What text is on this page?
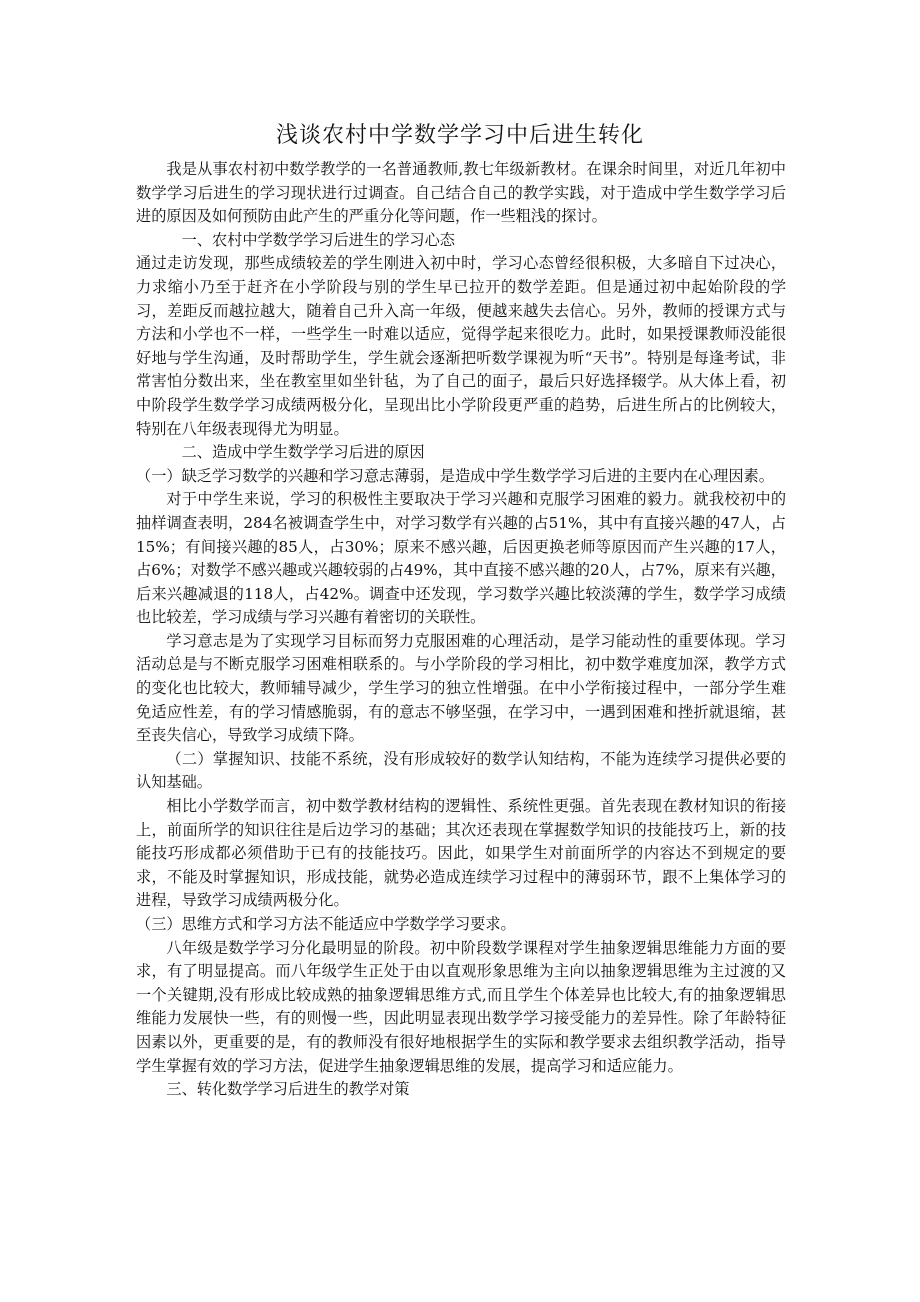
浅谈农村中学数学学习中后进生转化

我是从事农村初中数学教学的一名普通教师,教七年级新教材。在课余时间里，对近几年初中数学学习后进生的学习现状进行过调查。自己结合自己的教学实践，对于造成中学生数学学习后进的原因及如何预防由此产生的严重分化等问题，作一些粗浅的探讨。

一、农村中学数学学习后进生的学习心态

通过走访发现，那些成绩较差的学生刚进入初中时，学习心态曾经很积极，大多暗自下过决心，力求缩小乃至于赶齐在小学阶段与别的学生早已拉开的数学差距。但是通过初中起始阶段的学习，差距反而越拉越大，随着自己升入高一年级，便越来越失去信心。另外，教师的授课方式与方法和小学也不一样，一些学生一时难以适应，觉得学起来很吃力。此时，如果授课教师没能很好地与学生沟通，及时帮助学生，学生就会逐渐把听数学课视为听“天书”。特别是每逢考试，非常害怕分数出来，坐在教室里如坐针毡，为了自己的面子，最后只好选择辍学。从大体上看，初中阶段学生数学学习成绩两极分化，呈现出比小学阶段更严重的趋势，后进生所占的比例较大，特别在八年级表现得尤为明显。

二、造成中学生数学学习后进的原因

（一）缺乏学习数学的兴趣和学习意志薄弱，是造成中学生数学学习后进的主要内在心理因素。

对于中学生来说，学习的积极性主要取决于学习兴趣和克服学习困难的毅力。就我校初中的抽样调查表明，284名被调查学生中，对学习数学有兴趣的占51%，其中有直接兴趣的47人，占15%；有间接兴趣的85人，占30%；原来不感兴趣，后因更换老师等原因而产生兴趣的17人，占6%；对数学不感兴趣或兴趣较弱的占49%，其中直接不感兴趣的20人，占7%，原来有兴趣，后来兴趣减退的118人，占42%。调查中还发现，学习数学兴趣比较淡薄的学生，数学学习成绩也比较差，学习成绩与学习兴趣有着密切的关联性。

学习意志是为了实现学习目标而努力克服困难的心理活动，是学习能动性的重要体现。学习活动总是与不断克服学习困难相联系的。与小学阶段的学习相比，初中数学难度加深，教学方式的变化也比较大，教师辅导减少，学生学习的独立性增强。在中小学衔接过程中，一部分学生难免适应性差，有的学习情感脆弱，有的意志不够坚强，在学习中，一遇到困难和挫折就退缩，甚至丧失信心，导致学习成绩下降。

（二）掌握知识、技能不系统，没有形成较好的数学认知结构，不能为连续学习提供必要的认知基础。

相比小学数学而言，初中数学教材结构的逻辑性、系统性更强。首先表现在教材知识的衔接上，前面所学的知识往往是后边学习的基础；其次还表现在掌握数学知识的技能技巧上，新的技能技巧形成都必须借助于已有的技能技巧。因此，如果学生对前面所学的内容达不到规定的要求，不能及时掌握知识，形成技能，就势必造成连续学习过程中的薄弱环节，跟不上集体学习的进程，导致学习成绩两极分化。

（三）思维方式和学习方法不能适应中学数学学习要求。

八年级是数学学习分化最明显的阶段。初中阶段数学课程对学生抽象逻辑思维能力方面的要求，有了明显提高。而八年级学生正处于由以直观形象思维为主向以抽象逻辑思维为主过渡的又一个关键期,没有形成比较成熟的抽象逻辑思维方式,而且学生个体差异也比较大,有的抽象逻辑思维能力发展快一些，有的则慢一些，因此明显表现出数学学习接受能力的差异性。除了年龄特征因素以外，更重要的是，有的教师没有很好地根据学生的实际和教学要求去组织教学活动，指导学生掌握有效的学习方法，促进学生抽象逻辑思维的发展，提高学习和适应能力。

三、转化数学学习后进生的教学对策
